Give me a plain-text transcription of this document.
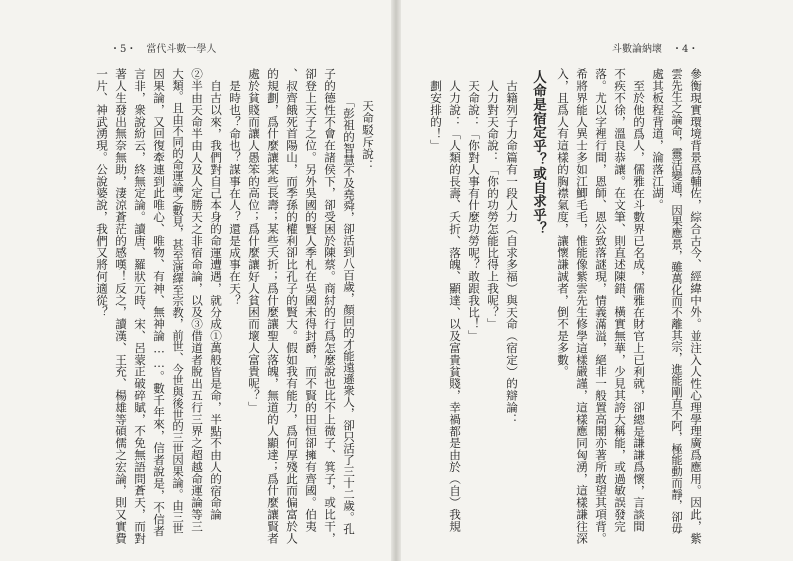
・5・　當代斗數一學人	斗數論納壞　・4・
天命駁斥說：
「彭祖的智慧不及堯舜，卻活到八百歲，顏回的才能遠遜衆人，卻只活了三十二歲。孔
子的德性不會在諸侯下，卻受困於陳蔡。商紂的行爲怎麼說也比不上微子、箕子，或比干，
卻登上天子之位。另外吳國的賢人季札在吳國未得封爵，而不賢的田恒卻擁有齊國。伯夷
、叔齊餓死首陽山，而季孫的權利卻比孔子的賢大。假如我有能力，爲何厚殘此而偏富於人
的規劃，爲什麼讓某些長壽；某些夭折；爲什麼讓聖人落魄，無道的人顯達；爲什麼讓賢者
處於貧賤而讓人愚笨的高位；爲什麼讓好人貧困而壞人富貴呢？」
是時也？命也？謀事在人？還是成事在天？
自古以來，我們對自己本身的命運遭遇，就分成①萬般皆是命，半點不由人的宿命論
②半由天命半由人及人定勝天之非宿命論，以及③借道者脫出五行三界之超越命運論等三
大類。且由不同的命運論之數見，甚至演繹至宗教，前世、今世與後世的三世因果論。由三世
因果論，又回復牽連到此唯心、唯物、有神、無神論……。數千年來，信者說是，不信者
言非，衆說紛云，終無定論。讀唐、羅狀元時、宋、呂蒙正破碎賦，不免無語問蒼天，而對
著人生發出無奈無助，淒涼蒼茫的感嘆！反之，讀漢、王充、楊雄等碩儒之宏論，則又實費
一片、神武湧現。公說婆說，我們又將何適從？	參衡現實環境背景爲輔佐，綜合古今、經緯中外。並注入人性心理學理廣爲應用。因此，紫
雲先生之論命，靈活變通，因果應景，雖萬化而不離其宗，進能剛直不阿，極能動而靜，卻毋
處其板程背道，淪落江湖。
至於他的爲人，儒雅在斗數界已名成，儒雅在財官上已利就，卻總是謙謙爲懷，言談間
不疾不徐，溫良恭讓。在文筆、則直述陳錯、橫實無華，少見其誇大稱能，或過敏誤發完
落。尤以字裡行間，恩師、恩公致落謎現，情義滿溢，絕非一般置高閣亦著所敢望其項背。
希將界能人異士多如江鯽毛毛，惟能像紫雲先生修學這樣嚴謹，這樣應同匈湧，這樣謙往深
入，且爲人有這樣的胸襟氣度，讓懷謙誠者，倒不是多數。
人命是宿定乎？或自求乎？
古籍列子力命篇有一段人力（自求多福）與天命（宿定）的辯論：
人力對天命說：「你的功勞怎能比得上我呢？」
天命說：「你對人事有什麼功勞呢？敢跟我比！」
人力說：「人類的長壽、夭折、落魄、顯達、以及富貴貧賤，幸禍都是由於（自）我規
劃安排的！」
